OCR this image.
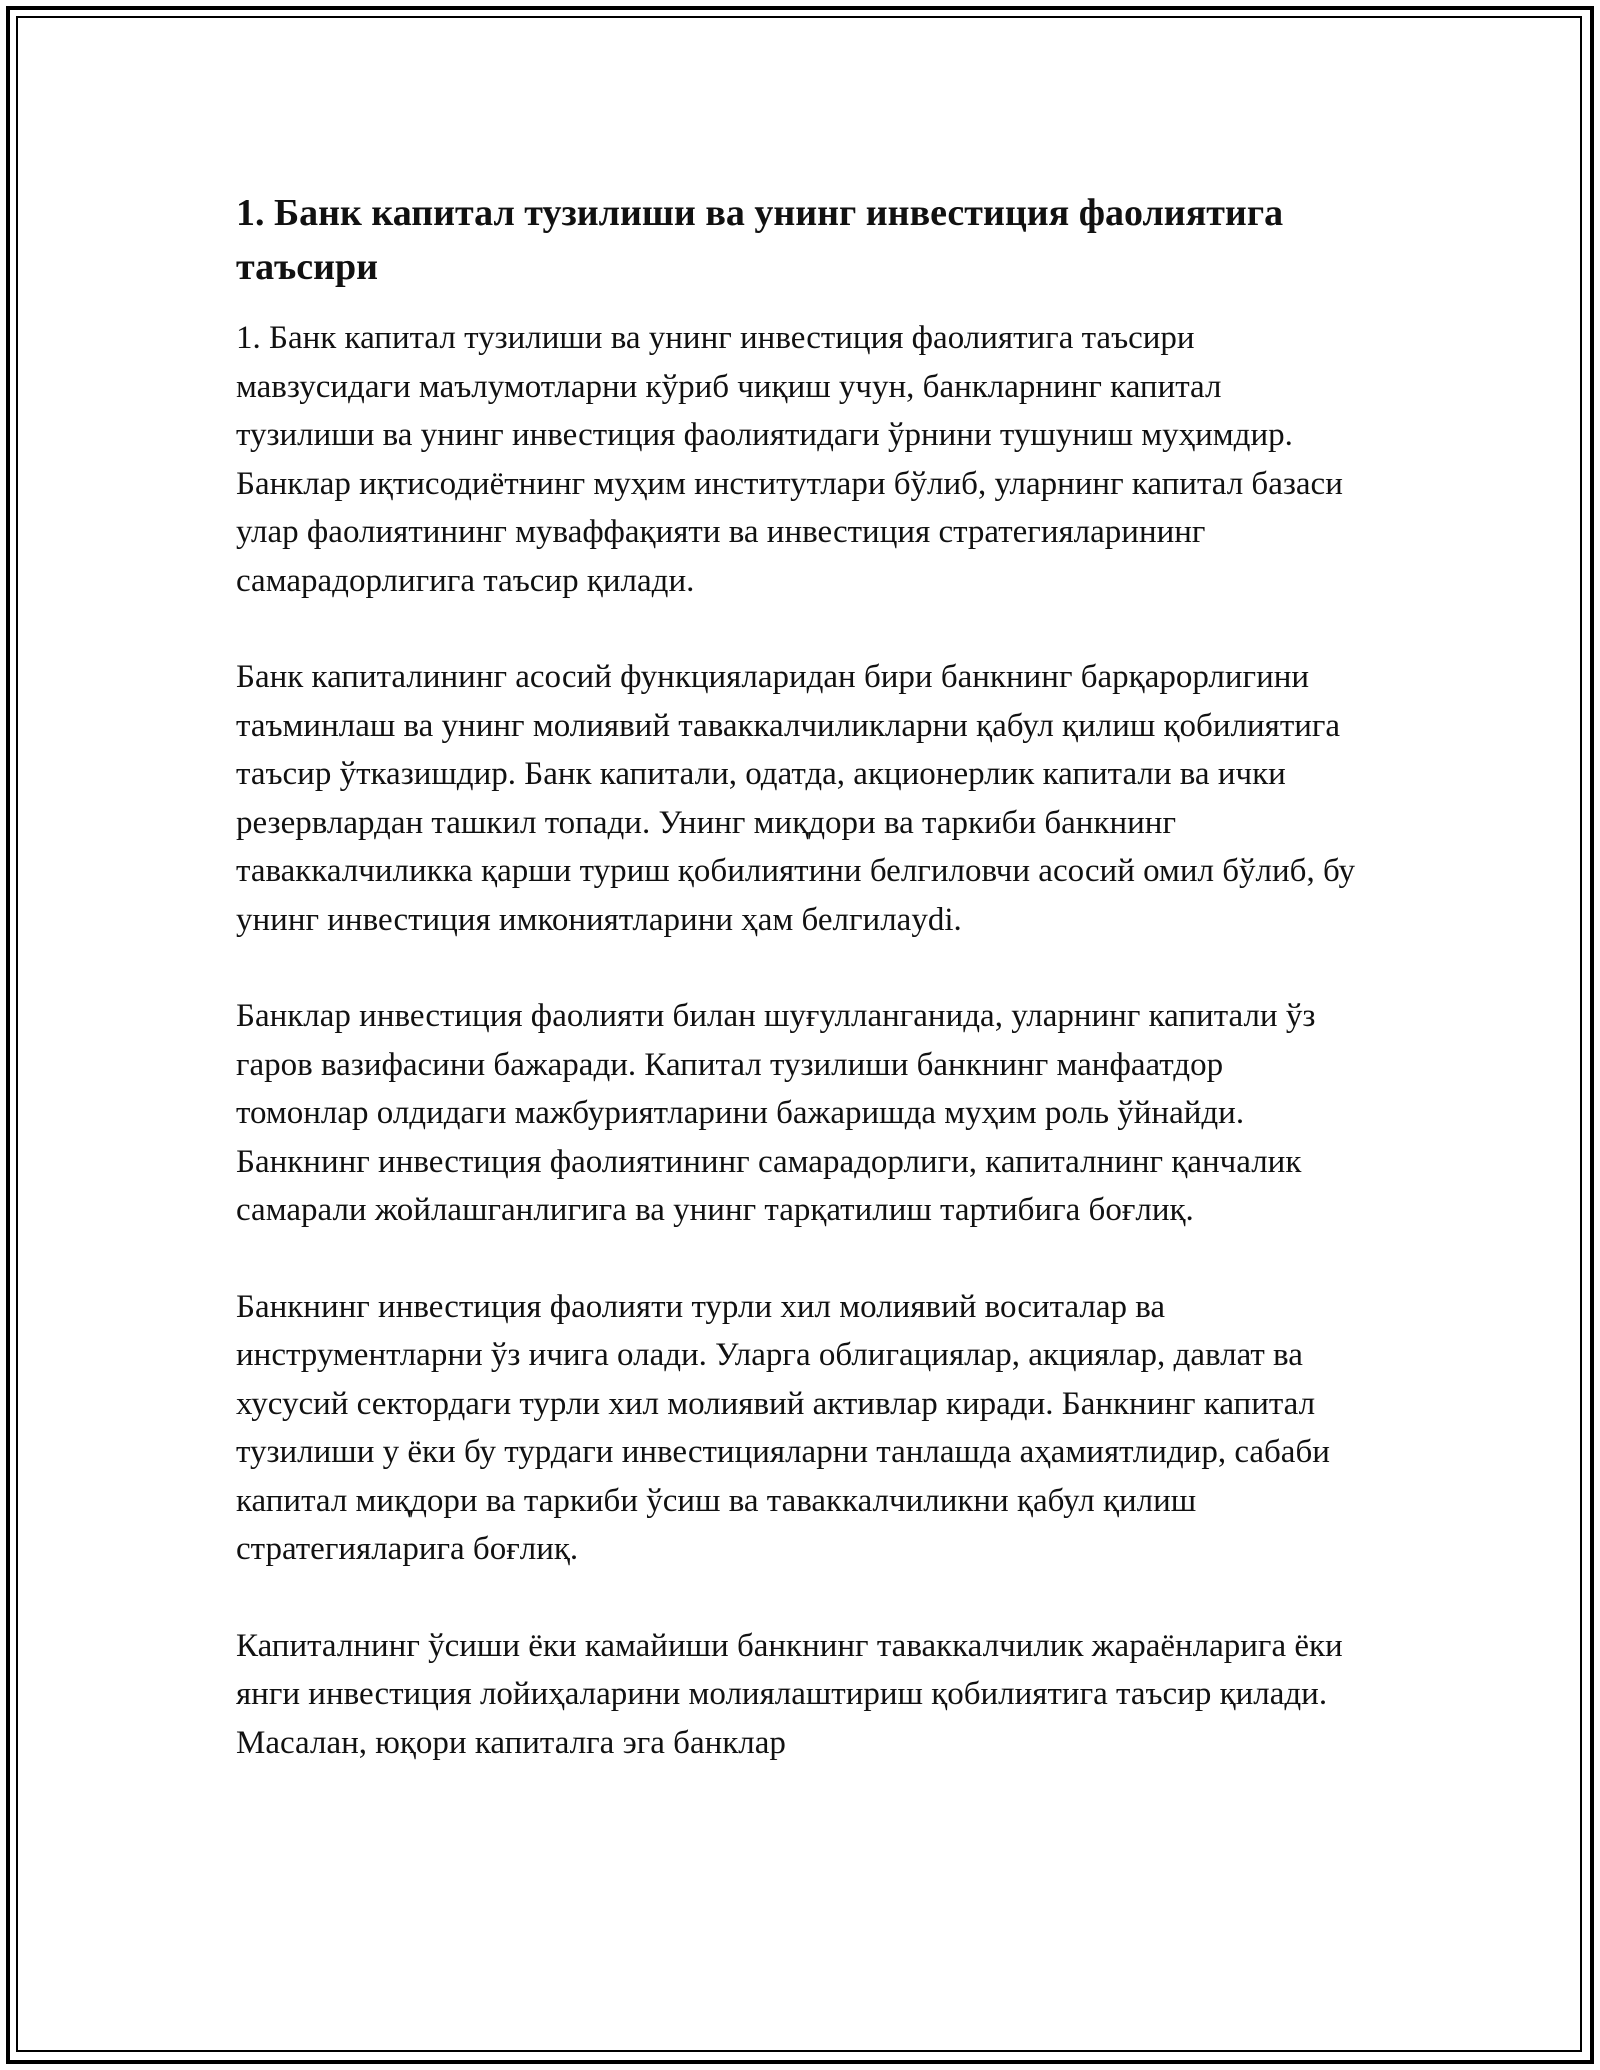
1. Банк капитал тузилиши ва унинг инвестиция фаолиятига таъсири
1. Банк капитал тузилиши ва унинг инвестиция фаолиятига таъсири мавзусидаги маълумотларни кўриб чиқиш учун, банкларнинг капитал тузилиши ва унинг инвестиция фаолиятидаги ўрнини тушуниш муҳимдир. Банклар иқтисодиётнинг муҳим институтлари бўлиб, уларнинг капитал базаси улар фаолиятининг муваффақияти ва инвестиция стратегияларининг самарадорлигига таъсир қилади.
Банк капиталининг асосий функцияларидан бири банкнинг барқарорлигини таъминлаш ва унинг молиявий таваккалчиликларни қабул қилиш қобилиятига таъсир ўтказишдир. Банк капитали, одатда, акционерлик капитали ва ички резервлардан ташкил топади. Унинг миқдори ва таркиби банкнинг таваккалчиликка қарши туриш қобилиятини белгиловчи асосий омил бўлиб, бу унинг инвестиция имкониятларини ҳам белгилаydi.
Банклар инвестиция фаолияти билан шуғулланганида, уларнинг капитали ўз гаров вазифасини бажаради. Капитал тузилиши банкнинг манфаатдор томонлар олдидаги мажбуриятларини бажаришда муҳим роль ўйнайди. Банкнинг инвестиция фаолиятининг самарадорлиги, капиталнинг қанчалик самарали жойлашганлигига ва унинг тарқатилиш тартибига боғлиқ.
Банкнинг инвестиция фаолияти турли хил молиявий воситалар ва инструментларни ўз ичига олади. Уларга облигациялар, акциялар, давлат ва хусусий сектордаги турли хил молиявий активлар киради. Банкнинг капитал тузилиши у ёки бу турдаги инвестицияларни танлашда аҳамиятлидир, сабаби капитал миқдори ва таркиби ўсиш ва таваккалчиликни қабул қилиш стратегияларига боғлиқ.
Капиталнинг ўсиши ёки камайиши банкнинг таваккалчилик жараёнларига ёки янги инвестиция лойиҳаларини молиялаштириш қобилиятига таъсир қилади. Масалан, юқори капиталга эга банклар
